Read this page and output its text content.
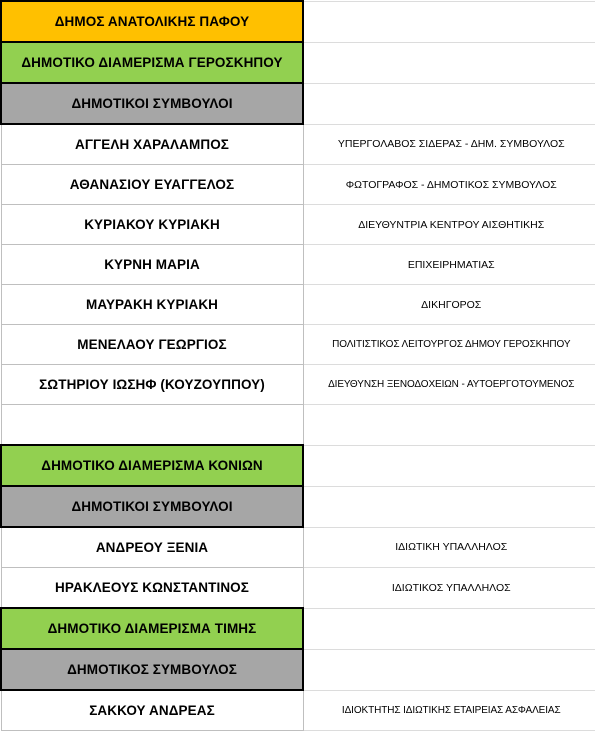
ΔΗΜΟΣ ΑΝΑΤΟΛΙΚΗΣ ΠΑΦΟΥ	
ΔΗΜΟΤΙΚΟ ΔΙΑΜΕΡΙΣΜΑ ΓΕΡΟΣΚΗΠΟΥ	
ΔΗΜΟΤΙΚΟΙ ΣΥΜΒΟΥΛΟΙ	
ΑΓΓΕΛΗ ΧΑΡΑΛΑΜΠΟΣ	ΥΠΕΡΓΟΛΑΒΟΣ ΣΙΔΕΡΑΣ - ΔΗΜ. ΣΥΜΒΟΥΛΟΣ
ΑΘΑΝΑΣΙΟΥ ΕΥΑΓΓΕΛΟΣ	ΦΩΤΟΓΡΑΦΟΣ - ΔΗΜΟΤΙΚΟΣ ΣΥΜΒΟΥΛΟΣ
ΚΥΡΙΑΚΟΥ ΚΥΡΙΑΚΗ	ΔΙΕΥΘΥΝΤΡΙΑ ΚΕΝΤΡΟΥ ΑΙΣΘΗΤΙΚΗΣ
ΚΥΡΝΗ ΜΑΡΙΑ	ΕΠΙΧΕΙΡΗΜΑΤΙΑΣ
ΜΑΥΡΑΚΗ ΚΥΡΙΑΚΗ	ΔΙΚΗΓΟΡΟΣ
ΜΕΝΕΛΑΟΥ ΓΕΩΡΓΙΟΣ	ΠΟΛΙΤΙΣΤΙΚΟΣ ΛΕΙΤΟΥΡΓΟΣ ΔΗΜΟΥ ΓΕΡΟΣΚΗΠΟΥ
ΣΩΤΗΡΙΟΥ ΙΩΣΗΦ (ΚΟΥΖΟΥΠΠΟΥ)	ΔΙΕΥΘΥΝΣΗ ΞΕΝΟΔΟΧΕΙΩΝ - ΑΥΤΟΕΡΓΟΤΟΥΜΕΝΟΣ

ΔΗΜΟΤΙΚΟ ΔΙΑΜΕΡΙΣΜΑ ΚΟΝΙΩΝ	
ΔΗΜΟΤΙΚΟΙ ΣΥΜΒΟΥΛΟΙ	
ΑΝΔΡΕΟΥ ΞΕΝΙΑ	ΙΔΙΩΤΙΚΗ ΥΠΑΛΛΗΛΟΣ
ΗΡΑΚΛΕΟΥΣ ΚΩΝΣΤΑΝΤΙΝΟΣ	ΙΔΙΩΤΙΚΟΣ ΥΠΑΛΛΗΛΟΣ
ΔΗΜΟΤΙΚΟ ΔΙΑΜΕΡΙΣΜΑ ΤΙΜΗΣ	
ΔΗΜΟΤΙΚΟΣ ΣΥΜΒΟΥΛΟΣ	
ΣΑΚΚΟΥ ΑΝΔΡΕΑΣ	ΙΔΙΟΚΤΗΤΗΣ ΙΔΙΩΤΙΚΗΣ ΕΤΑΙΡΕΙΑΣ ΑΣΦΑΛΕΙΑΣ
